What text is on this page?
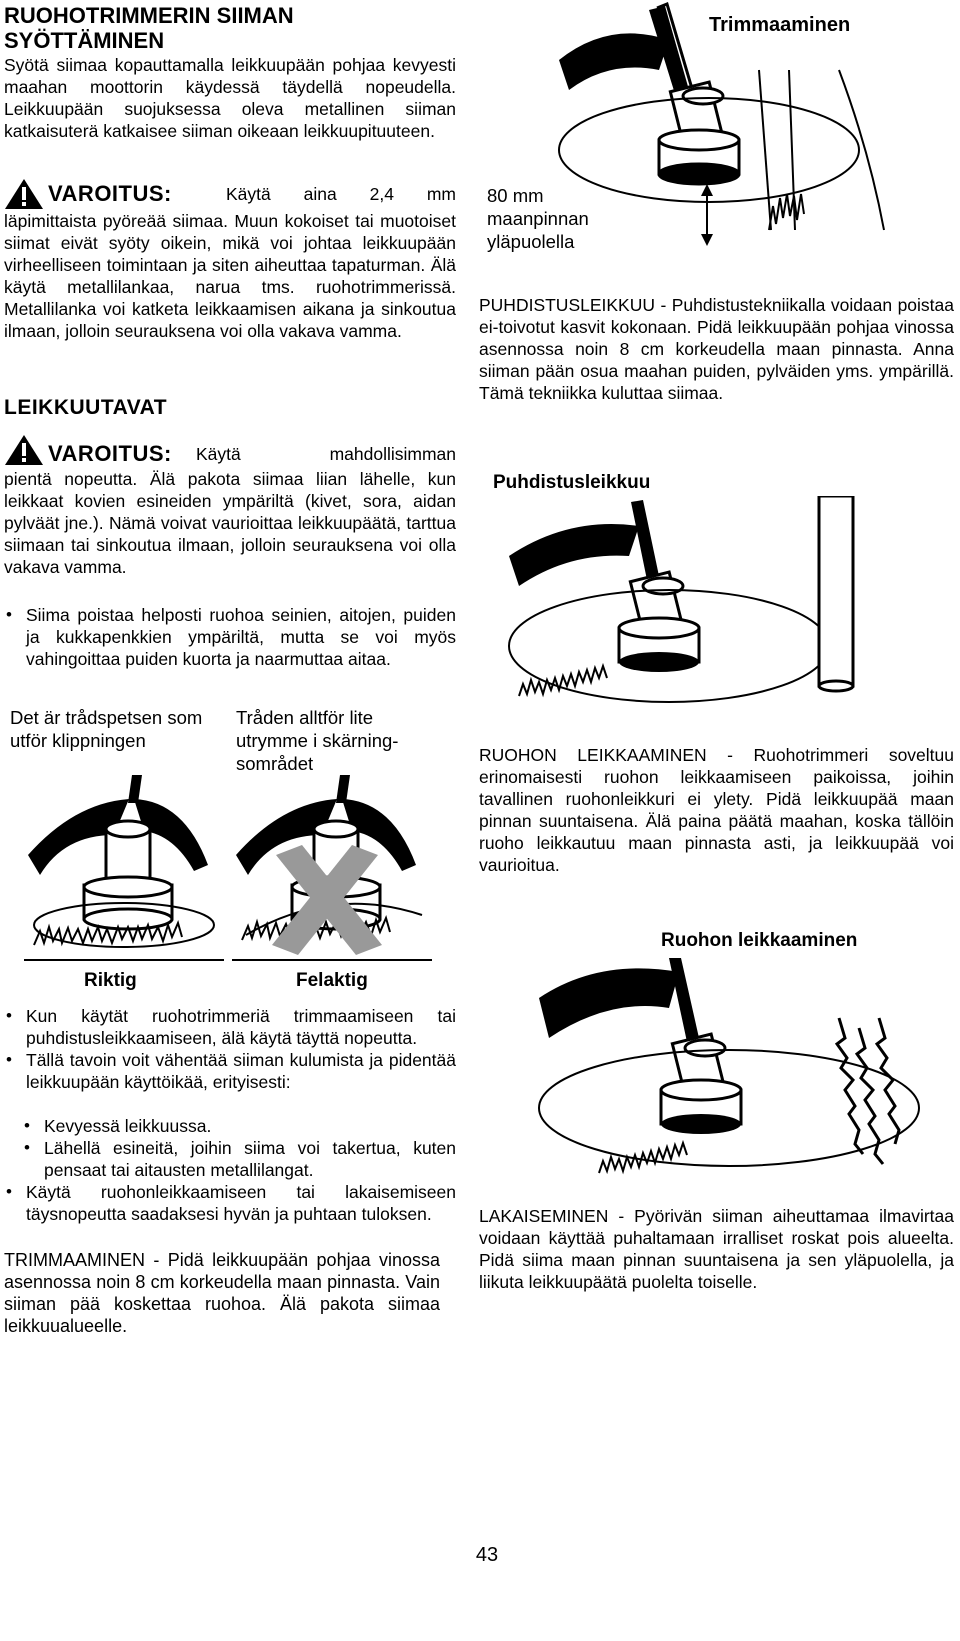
RUOHOTRIMMERIN SIIMAN

SYÖTTÄMINEN

Syötä siimaa kopauttamalla leikkuupään pohjaa kevyesti maahan moottorin käydessä täydellä nopeudella. Leikkuupään suojuksessa oleva metallinen siiman katkaisuterä katkaisee siiman oikeaan leikkuupituuteen.

VAROITUS:	Käytä aina 2,4 mm

läpimittaista pyöreää siimaa. Muun kokoiset tai muotoiset siimat eivät syöty oikein, mikä voi johtaa leikkuupään virheelliseen toimintaan ja siten aiheuttaa tapaturman. Älä käytä metallilankaa, narua tms. ruohotrimmerissä. Metallilanka voi katketa leikkaamisen aikana ja sinkoutua ilmaan, jolloin seurauksena voi olla vakava vamma.

LEIKKUUTAVAT

VAROITUS: Käytä mahdollisimman

pientä nopeutta. Älä pakota siimaa liian lähelle, kun leikkaat kovien esineiden ympäriltä (kivet, sora, aidan pylväät jne.). Nämä voivat vaurioittaa leikkuupäätä, tarttua siimaan tai sinkoutua ilmaan, jolloin seurauksena voi olla vakava vamma.

• Siima poistaa helposti ruohoa seinien, aitojen, puiden ja kukkapenkkien ympäriltä, mutta se voi myös vahingoittaa puiden kuorta ja naarmuttaa aitaa.
Det är trådspetsen som utför klippningen
Tråden alltför lite utrymme i skärning-sområdet
Riktig	Felaktig
• Kun käytät ruohotrimmeriä trimmaamiseen tai puhdistusleikkaamiseen, älä käytä täyttä nopeutta.
• Tällä tavoin voit vähentää siiman kulumista ja pidentää leikkuupään käyttöikää, erityisesti:
• Kevyessä leikkuussa.
• Lähellä esineitä, joihin siima voi takertua, kuten pensaat tai aitausten metallilangat.
• Käytä ruohonleikkaamiseen tai lakaisemiseen täysnopeutta saadaksesi hyvän ja puhtaan tuloksen.

TRIMMAAMINEN - Pidä leikkuupään pohjaa vinossa asennossa noin 8 cm korkeudella maan pinnasta. Vain siiman pää koskettaa ruohoa. Älä pakota siimaa leikkuualueelle.

Trimmaaminen
80 mm maanpinnan yläpuolella

PUHDISTUSLEIKKUU - Puhdistustekniikalla voidaan poistaa ei-toivotut kasvit kokonaan. Pidä leikkuupään pohjaa vinossa asennossa noin 8 cm korkeudella maan pinnasta. Anna siiman pään osua maahan puiden, pylväiden yms. ympärillä. Tämä tekniikka kuluttaa siimaa.

Puhdistusleikkuu

RUOHON LEIKKAAMINEN - Ruohotrimmeri soveltuu erinomaisesti ruohon leikkaamiseen paikoissa, joihin tavallinen ruohonleikkuri ei ylety. Pidä leikkuupää maan pinnan suuntaisena. Älä paina päätä maahan, koska tällöin ruoho leikkautuu maan pinnasta asti, ja leikkuupää voi vaurioitua.

Ruohon leikkaaminen

LAKAISEMINEN - Pyörivän siiman aiheuttamaa ilmavirtaa voidaan käyttää puhaltamaan irralliset roskat pois alueelta. Pidä siima maan pinnan suuntaisena ja sen yläpuolella, ja liikuta leikkuupäätä puolelta toiselle.

43
